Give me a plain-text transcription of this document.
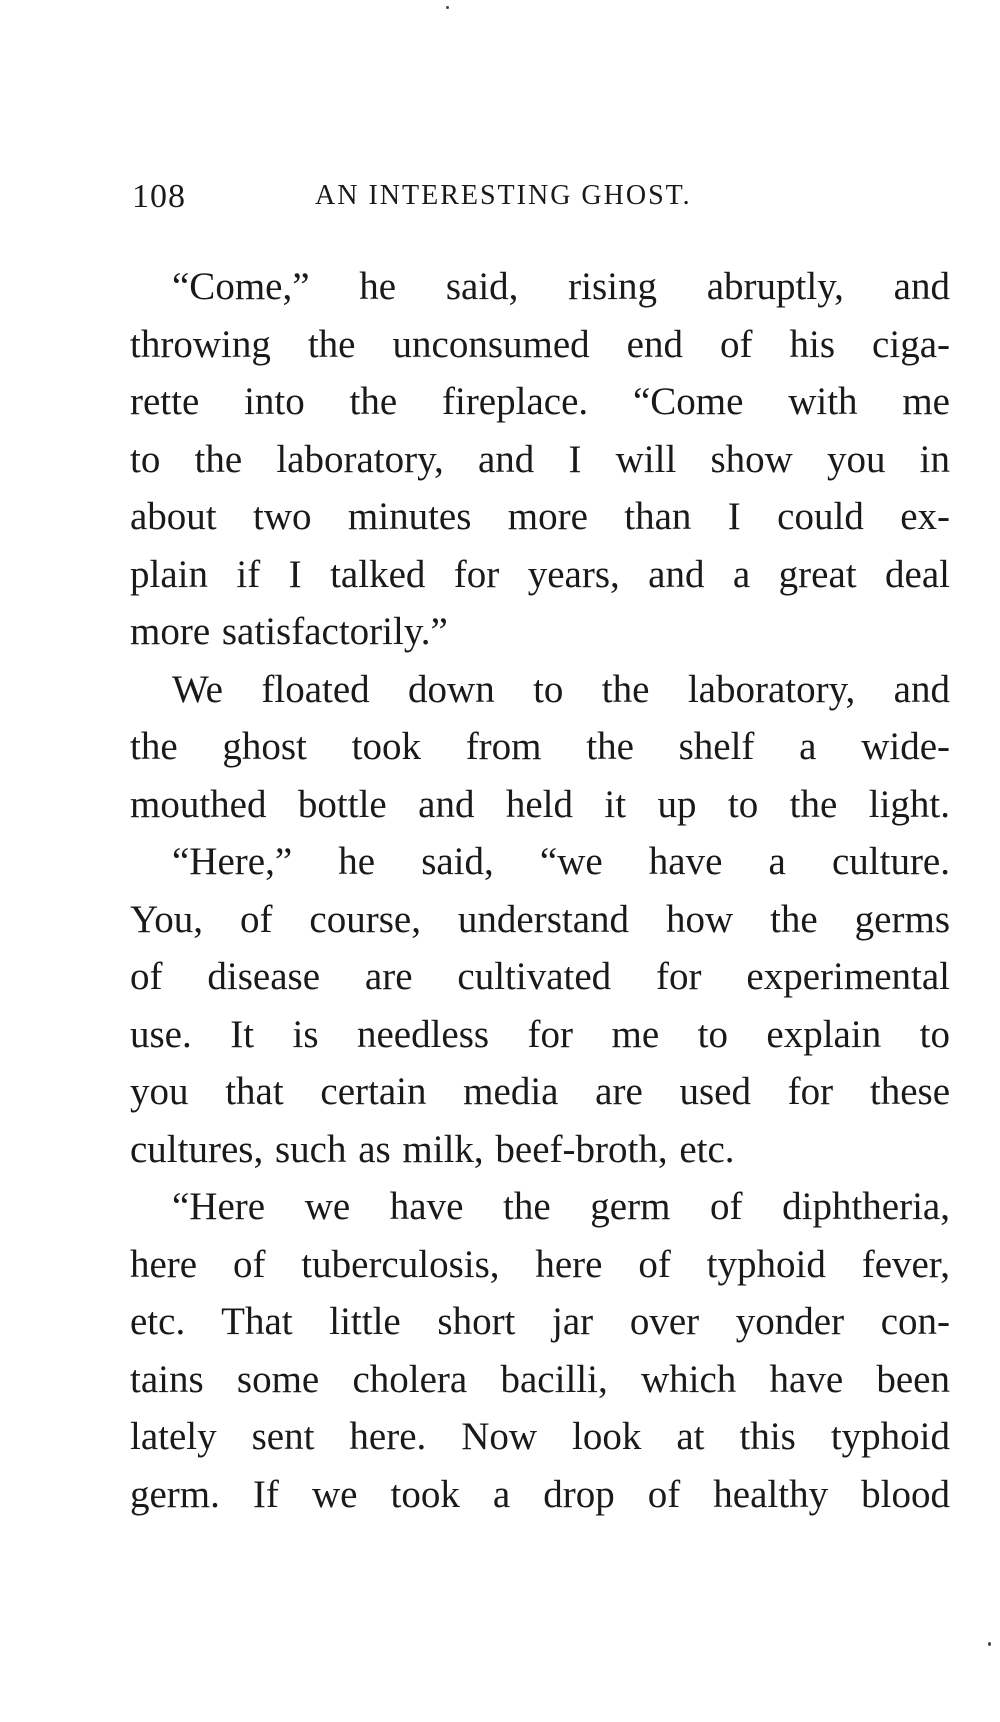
108	AN INTERESTING GHOST.
“Come,” he said, rising abruptly, and
throwing the unconsumed end of his ciga-
rette into the fireplace. “Come with me
to the laboratory, and I will show you in
about two minutes more than I could ex-
plain if I talked for years, and a great deal
more satisfactorily.”
We floated down to the laboratory, and
the ghost took from the shelf a wide-
mouthed bottle and held it up to the light.
“Here,” he said, “we have a culture.
You, of course, understand how the germs
of disease are cultivated for experimental
use. It is needless for me to explain to
you that certain media are used for these
cultures, such as milk, beef-broth, etc.
“Here we have the germ of diphtheria,
here of tuberculosis, here of typhoid fever,
etc. That little short jar over yonder con-
tains some cholera bacilli, which have been
lately sent here. Now look at this typhoid
germ. If we took a drop of healthy blood
